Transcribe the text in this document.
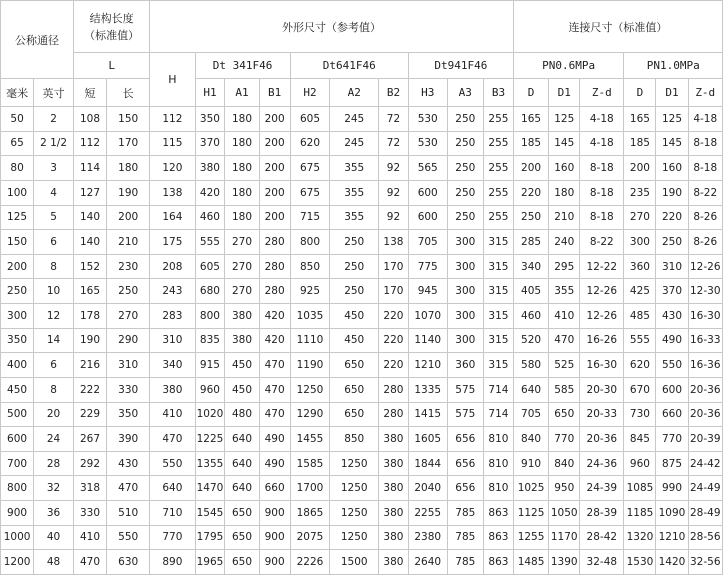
公称通径		结构长度
（标准值）		外形尺寸（参考值）										连接尺寸（标准值）					
		L		H	Dt 341F46			Dt641F46			Dt941F46			PN0.6MPa			PN1.0MPa		
毫米	英寸	短	长		H1	A1	B1	H2	A2	B2	H3	A3	B3	D	D1	Z-d	D	D1	Z-d

50	2	108	150	112	350	180	200	605	245	72	530	250	255	165	125	4-18	165	125	4-18
65	2 1/2	112	170	115	370	180	200	620	245	72	530	250	255	185	145	4-18	185	145	8-18
80	3	114	180	120	380	180	200	675	355	92	565	250	255	200	160	8-18	200	160	8-18
100	4	127	190	138	420	180	200	675	355	92	600	250	255	220	180	8-18	235	190	8-22
125	5	140	200	164	460	180	200	715	355	92	600	250	255	250	210	8-18	270	220	8-26
150	6	140	210	175	555	270	280	800	250	138	705	300	315	285	240	8-22	300	250	8-26
200	8	152	230	208	605	270	280	850	250	170	775	300	315	340	295	12-22	360	310	12-26
250	10	165	250	243	680	270	280	925	250	170	945	300	315	405	355	12-26	425	370	12-30
300	12	178	270	283	800	380	420	1035	450	220	1070	300	315	460	410	12-26	485	430	16-30
350	14	190	290	310	835	380	420	1110	450	220	1140	300	315	520	470	16-26	555	490	16-33
400	6	216	310	340	915	450	470	1190	650	220	1210	360	315	580	525	16-30	620	550	16-36
450	8	222	330	380	960	450	470	1250	650	280	1335	575	714	640	585	20-30	670	600	20-36
500	20	229	350	410	1020	480	470	1290	650	280	1415	575	714	705	650	20-33	730	660	20-36
600	24	267	390	470	1225	640	490	1455	850	380	1605	656	810	840	770	20-36	845	770	20-39
700	28	292	430	550	1355	640	490	1585	1250	380	1844	656	810	910	840	24-36	960	875	24-42
800	32	318	470	640	1470	640	660	1700	1250	380	2040	656	810	1025	950	24-39	1085	990	24-49
900	36	330	510	710	1545	650	900	1865	1250	380	2255	785	863	1125	1050	28-39	1185	1090	28-49
1000	40	410	550	770	1795	650	900	2075	1250	380	2380	785	863	1255	1170	28-42	1320	1210	28-56
1200	48	470	630	890	1965	650	900	2226	1500	380	2640	785	863	1485	1390	32-48	1530	1420	32-56
